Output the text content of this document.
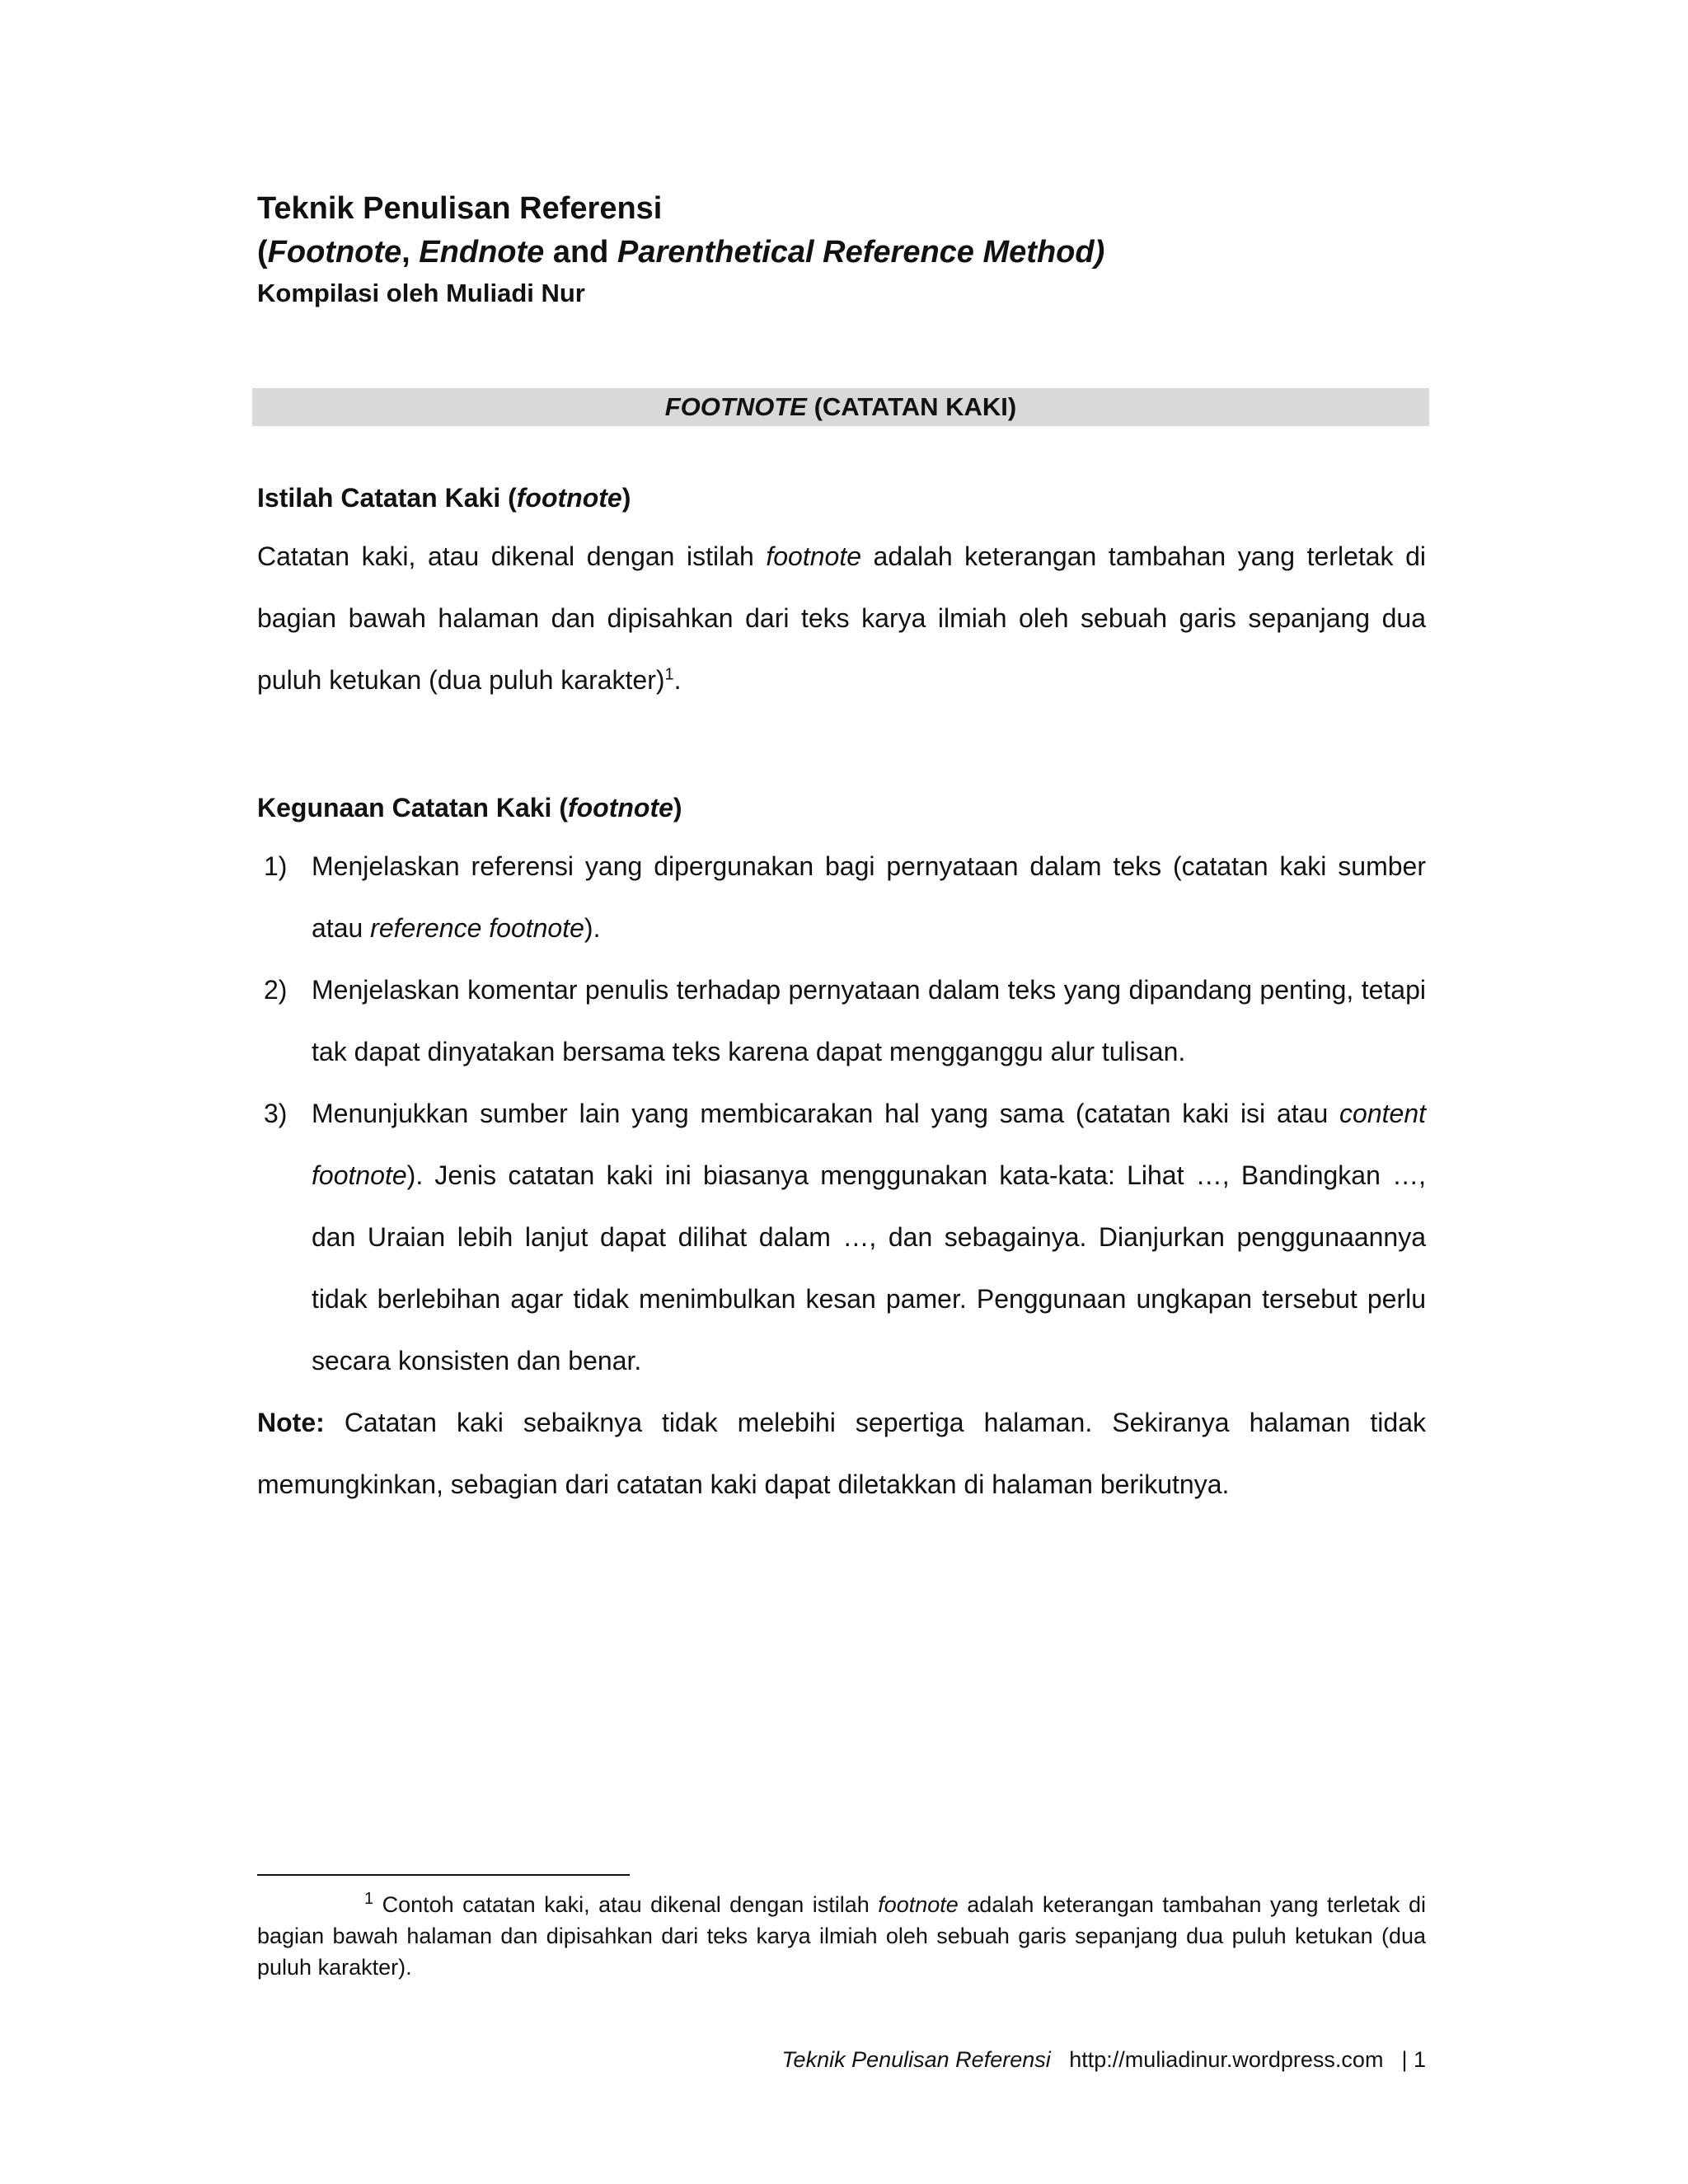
Teknik Penulisan Referensi
(Footnote, Endnote and Parenthetical Reference Method)
Kompilasi oleh Muliadi Nur
FOOTNOTE (CATATAN KAKI)
Istilah Catatan Kaki (footnote)
Catatan kaki, atau dikenal dengan istilah footnote adalah keterangan tambahan yang terletak di bagian bawah halaman dan dipisahkan dari teks karya ilmiah oleh sebuah garis sepanjang dua puluh ketukan (dua puluh karakter)$^1$.
Kegunaan Catatan Kaki (footnote)
1) Menjelaskan referensi yang dipergunakan bagi pernyataan dalam teks (catatan kaki sumber atau reference footnote).
2) Menjelaskan komentar penulis terhadap pernyataan dalam teks yang dipandang penting, tetapi tak dapat dinyatakan bersama teks karena dapat mengganggu alur tulisan.
3) Menunjukkan sumber lain yang membicarakan hal yang sama (catatan kaki isi atau content footnote). Jenis catatan kaki ini biasanya menggunakan kata-kata: Lihat …, Bandingkan …, dan Uraian lebih lanjut dapat dilihat dalam …, dan sebagainya. Dianjurkan penggunaannya tidak berlebihan agar tidak menimbulkan kesan pamer. Penggunaan ungkapan tersebut perlu secara konsisten dan benar.
Note: Catatan kaki sebaiknya tidak melebihi sepertiga halaman. Sekiranya halaman tidak memungkinkan, sebagian dari catatan kaki dapat diletakkan di halaman berikutnya.
$^1$ Contoh catatan kaki, atau dikenal dengan istilah footnote adalah keterangan tambahan yang terletak di bagian bawah halaman dan dipisahkan dari teks karya ilmiah oleh sebuah garis sepanjang dua puluh ketukan (dua puluh karakter).
Teknik Penulisan Referensi http://muliadinur.wordpress.com | 1
